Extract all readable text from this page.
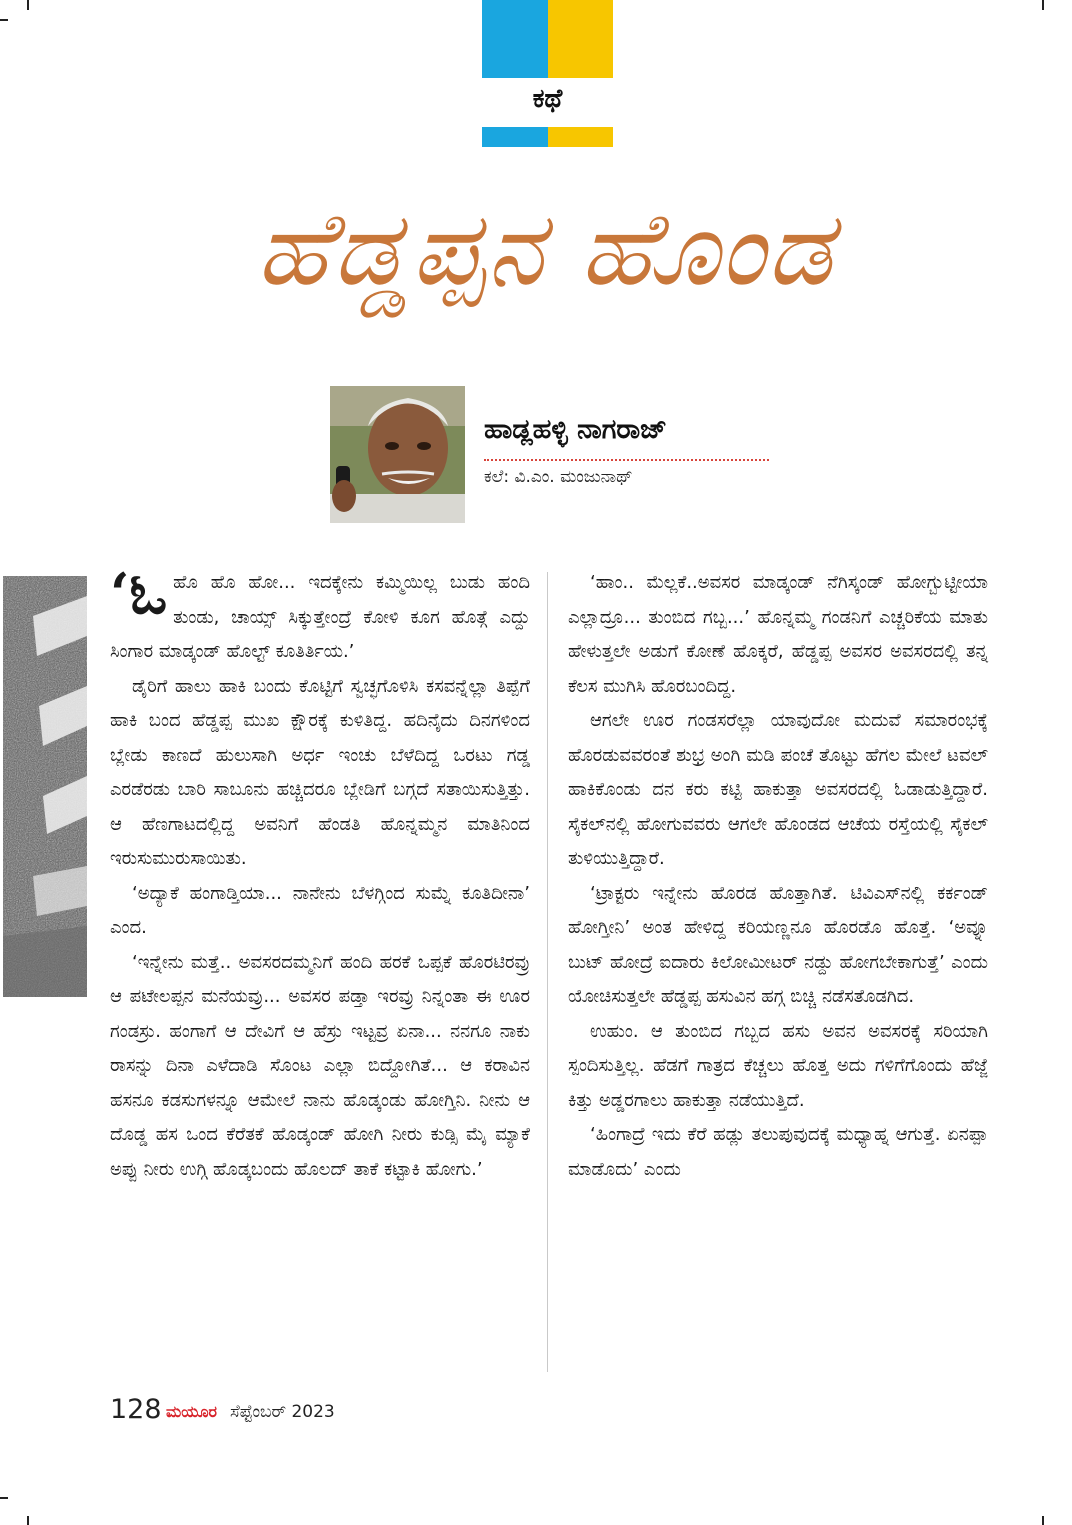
ಕಥೆ
ಹೆಡ್ಡಪ್ಪನ ಹೊಂಡ
ಹಾಡ್ಲಹಳ್ಳಿ ನಾಗರಾಜ್
ಕಲೆ: ವಿ.ಎಂ. ಮಂಜುನಾಥ್

‘ಓಹೊ ಹೊ ಹೋ... ಇದಕ್ಕೇನು ಕಮ್ಮಿಯಿಲ್ಲ ಬುಡು ಹಂದಿ ತುಂಡು, ಚಾಯ್ಸ್ ಸಿಕ್ಕುತ್ತೇಂದ್ರೆ ಕೋಳಿ ಕೂಗ ಹೊತ್ಗೆ ಎದ್ದು ಸಿಂಗಾರ ಮಾಡ್ಕಂಡ್ ಹೊಲ್ಟ್ ಕೂತಿರ್ತಿಯ.’

ಡೈರಿಗೆ ಹಾಲು ಹಾಕಿ ಬಂದು ಕೊಟ್ಟಿಗೆ ಸ್ವಚ್ಛಗೊಳಿಸಿ ಕಸವನ್ನೆಲ್ಲಾ ತಿಪ್ಪೆಗೆ ಹಾಕಿ ಬಂದ ಹೆಡ್ಡಪ್ಪ ಮುಖ ಕ್ಷೌರಕ್ಕೆ ಕುಳಿತಿದ್ದ. ಹದಿನೈದು ದಿನಗಳಿಂದ ಬ್ಲೇಡು ಕಾಣದೆ ಹುಲುಸಾಗಿ ಅರ್ಧ ಇಂಚು ಬೆಳೆದಿದ್ದ ಒರಟು ಗಡ್ಡ ಎರಡೆರಡು ಬಾರಿ ಸಾಬೂನು ಹಚ್ಚಿದರೂ ಬ್ಲೇಡಿಗೆ ಬಗ್ಗದೆ ಸತಾಯಿಸುತ್ತಿತ್ತು. ಆ ಹೆಣಗಾಟದಲ್ಲಿದ್ದ ಅವನಿಗೆ ಹೆಂಡತಿ ಹೊನ್ನಮ್ಮನ ಮಾತಿನಿಂದ ಇರುಸುಮುರುಸಾಯಿತು.

‘ಅದ್ಯಾಕೆ ಹಂಗಾಡ್ತಿಯಾ... ನಾನೇನು ಬೆಳಗ್ಗಿಂದ ಸುಮ್ನೆ ಕೂತಿದೀನಾ’ ಎಂದ.

‘ಇನ್ನೇನು ಮತ್ತೆ.. ಅವಸರದಮ್ಮನಿಗೆ ಹಂದಿ ಹರಕೆ ಒಪ್ಪಕೆ ಹೊರಟಿರವ್ರು ಆ ಪಟೇಲಪ್ಪನ ಮನೆಯವ್ರು... ಅವಸರ ಪಡ್ತಾ ಇರವ್ರು ನಿನ್ನಂತಾ ಈ ಊರ ಗಂಡಸ್ರು. ಹಂಗಾಗೆ ಆ ದೇವಿಗೆ ಆ ಹೆಸ್ರು ಇಟ್ಟವ್ರ ಏನಾ... ನನಗೂ ನಾಕು ರಾಸನ್ನು ದಿನಾ ಎಳೆದಾಡಿ ಸೊಂಟ ಎಲ್ಲಾ ಬಿದ್ದೋಗಿತೆ... ಆ ಕರಾವಿನ ಹಸನೂ ಕಡಸುಗಳನ್ನೂ ಆಮೇಲೆ ನಾನು ಹೊಡ್ಕಂಡು ಹೋಗ್ತಿನಿ. ನೀನು ಆ ದೊಡ್ಡ ಹಸ ಒಂದ ಕೆರೆತಕೆ ಹೊಡ್ಕಂಡ್ ಹೋಗಿ ನೀರು ಕುಡ್ಸಿ ಮೈ ಮ್ಯಾಕೆ ಅಪ್ಪು ನೀರು ಉಗ್ಗಿ ಹೊಡ್ಕಬಂದು ಹೊಲದ್ ತಾಕೆ ಕಟ್ಟಾಕಿ ಹೋಗು.’

‘ಹಾಂ.. ಮೆಲ್ಲಕೆ..ಅವಸರ ಮಾಡ್ಕಂಡ್ ನೆಗಿಸ್ಕಂಡ್ ಹೋಗ್ಬುಟ್ಟೀಯಾ ಎಲ್ಲಾದ್ರೂ... ತುಂಬಿದ ಗಬ್ಬ...’ ಹೊನ್ನಮ್ಮ ಗಂಡನಿಗೆ ಎಚ್ಚರಿಕೆಯ ಮಾತು ಹೇಳುತ್ತಲೇ ಅಡುಗೆ ಕೋಣೆ ಹೊಕ್ಕರೆ, ಹೆಡ್ಡಪ್ಪ ಅವಸರ ಅವಸರದಲ್ಲಿ ತನ್ನ ಕೆಲಸ ಮುಗಿಸಿ ಹೊರಬಂದಿದ್ದ.

ಆಗಲೇ ಊರ ಗಂಡಸರೆಲ್ಲಾ ಯಾವುದೋ ಮದುವೆ ಸಮಾರಂಭಕ್ಕೆ ಹೊರಡುವವರಂತೆ ಶುಭ್ರ ಅಂಗಿ ಮಡಿ ಪಂಚೆ ತೊಟ್ಟು ಹೆಗಲ ಮೇಲೆ ಟವಲ್ ಹಾಕಿಕೊಂಡು ದನ ಕರು ಕಟ್ಟಿ ಹಾಕುತ್ತಾ ಅವಸರದಲ್ಲಿ ಓಡಾಡುತ್ತಿದ್ದಾರೆ. ಸೈಕಲ್‌ನಲ್ಲಿ ಹೋಗುವವರು ಆಗಲೇ ಹೊಂಡದ ಆಚೆಯ ರಸ್ತೆಯಲ್ಲಿ ಸೈಕಲ್ ತುಳಿಯುತ್ತಿದ್ದಾರೆ.

‘ಟ್ರಾಕ್ಟರು ಇನ್ನೇನು ಹೊರಡ ಹೊತ್ತಾಗಿತೆ. ಟಿವಿಎಸ್‌ನಲ್ಲಿ ಕರ್ಕಂಡ್ ಹೋಗ್ತೀನಿ’ ಅಂತ ಹೇಳಿದ್ದ ಕರಿಯಣ್ಣನೂ ಹೊರಡೊ ಹೊತ್ತೆ. ‘ಅವ್ನೂ ಬುಟ್ ಹೋದ್ರೆ ಐದಾರು ಕಿಲೋಮೀಟರ್ ನಡ್ದು ಹೋಗಬೇಕಾಗುತ್ತೆ’ ಎಂದು ಯೋಚಿಸುತ್ತಲೇ ಹೆಡ್ಡಪ್ಪ ಹಸುವಿನ ಹಗ್ಗ ಬಿಚ್ಚಿ ನಡೆಸತೊಡಗಿದ.

ಉಹುಂ. ಆ ತುಂಬಿದ ಗಬ್ಬದ ಹಸು ಅವನ ಅವಸರಕ್ಕೆ ಸರಿಯಾಗಿ ಸ್ಪಂದಿಸುತ್ತಿಲ್ಲ. ಹೆಡಗೆ ಗಾತ್ರದ ಕೆಚ್ಚಲು ಹೊತ್ತ ಅದು ಗಳಿಗೆಗೊಂದು ಹೆಜ್ಜೆ ಕಿತ್ತು ಅಡ್ಡರಗಾಲು ಹಾಕುತ್ತಾ ನಡೆಯುತ್ತಿದೆ.

‘ಹಿಂಗಾದ್ರೆ ಇದು ಕೆರೆ ಹಡ್ಲು ತಲುಪುವುದಕ್ಕೆ ಮಧ್ಯಾಹ್ನ ಆಗುತ್ತೆ. ಏನಪ್ಪಾ ಮಾಡೊದು’ ಎಂದು

128 ಮಯೂರ ಸೆಪ್ಟೆಂಬರ್ 2023
